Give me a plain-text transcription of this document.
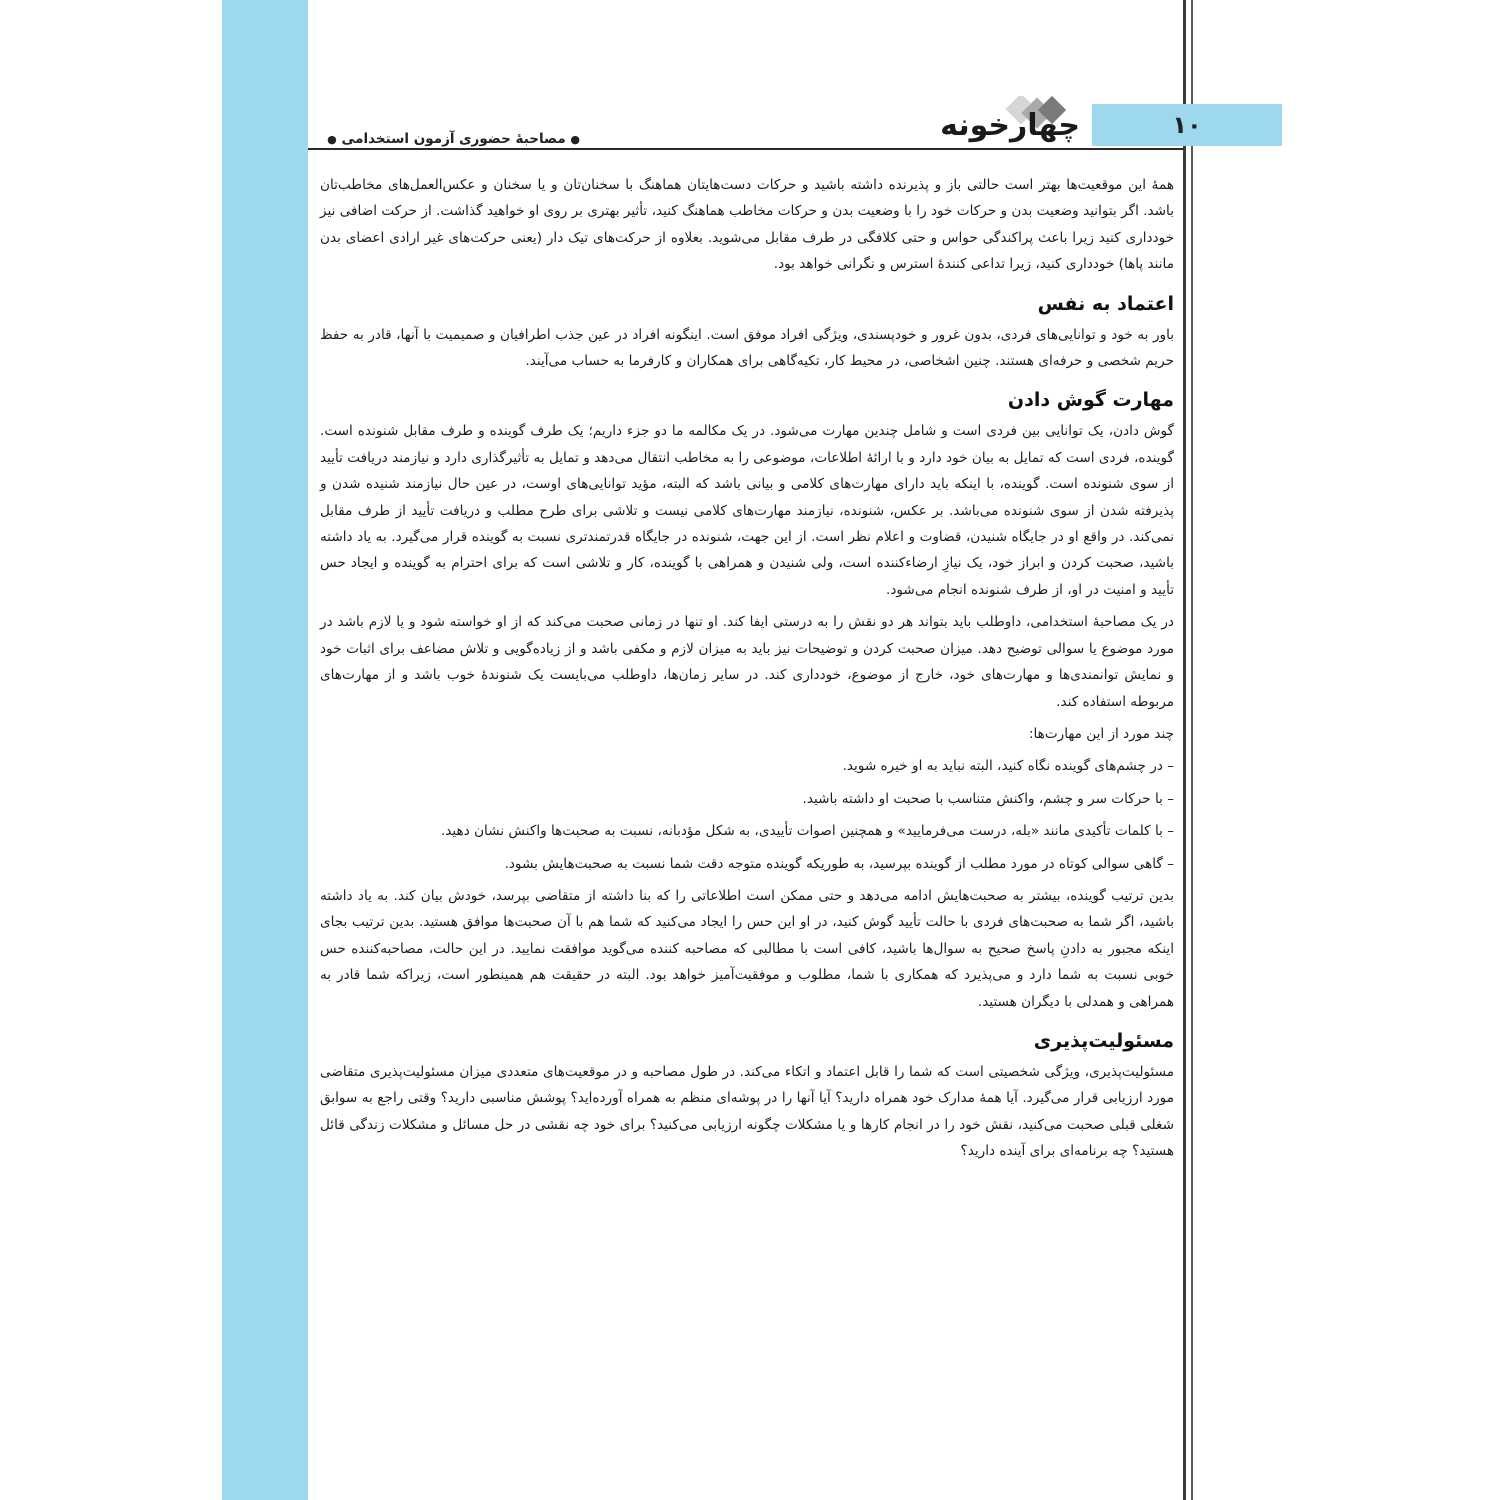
۱۰
چهارخونه
● مصاحبهٔ حضوری آزمون استخدامی ●

همهٔ این موقعیت‌ها بهتر است حالتی باز و پذیرنده داشته باشید و حرکات دست‌هایتان هماهنگ با سخنان‌تان و یا سخنان و عکس‌العمل‌های مخاطب‌تان باشد. اگر بتوانید وضعیت بدن و حرکات خود را با وضعیت بدن و حرکات مخاطب هماهنگ کنید، تأثیر بهتری بر روی او خواهید گذاشت. از حرکت اضافی نیز خودداری کنید زیرا باعث پراکندگی حواس و حتی کلافگی در طرف مقابل می‌شوید. بعلاوه از حرکت‌های تیک دار (یعنی حرکت‌های غیر ارادی اعضای بدن مانند پاها) خودداری کنید، زیرا تداعی کنندهٔ استرس و نگرانی خواهد بود.

اعتماد به نفس

باور به خود و توانایی‌های فردی، بدون غرور و خودپسندی، ویژگی افراد موفق است. اینگونه افراد در عین جذب اطرافیان و صمیمیت با آنها، قادر به حفظ حریم شخصی و حرفه‌ای هستند. چنین اشخاصی، در محیط کار، تکیه‌گاهی برای همکاران و کارفرما به حساب می‌آیند.

مهارت گوش دادن

گوش دادن، یک توانایی بین فردی است و شامل چندین مهارت می‌شود. در یک مکالمه ما دو جزء داریم؛ یک طرف گوینده و طرف مقابل شنونده است. گوینده، فردی است که تمایل به بیان خود دارد و با ارائهٔ اطلاعات، موضوعی را به مخاطب انتقال می‌دهد و تمایل به تأثیرگذاری دارد و نیازمند دریافت تأیید از سوی شنونده است. گوینده، با اینکه باید دارای مهارت‌های کلامی و بیانی باشد که البته، مؤید توانایی‌های اوست، در عین حال نیازمند شنیده شدن و پذیرفته شدن از سوی شنونده می‌باشد. بر عکس، شنونده، نیازمند مهارت‌های کلامی نیست و تلاشی برای طرح مطلب و دریافت تأیید از طرف مقابل نمی‌کند. در واقع او در جایگاه شنیدن، قضاوت و اعلام نظر است. از این جهت، شنونده در جایگاه قدرتمندتری نسبت به گوینده قرار می‌گیرد. به یاد داشته باشید، صحبت کردن و ابراز خود، یک نیازِ ارضاءکننده است، ولی شنیدن و همراهی با گوینده، کار و تلاشی است که برای احترام به گوینده و ایجاد حس تأیید و امنیت در او، از طرف شنونده انجام می‌شود.

در یک مصاحبهٔ استخدامی، داوطلب باید بتواند هر دو نقش را به درستی ایفا کند. او تنها در زمانی صحبت می‌کند که از او خواسته شود و یا لازم باشد در مورد موضوع یا سوالی توضیح دهد. میزان صحبت کردن و توضیحات نیز باید به میزان لازم و مکفی باشد و از زیاده‌گویی و تلاش مضاعف برای اثبات خود و نمایش توانمندی‌ها و مهارت‌های خود، خارج از موضوع، خودداری کند. در سایر زمان‌ها، داوطلب می‌بایست یک شنوندهٔ خوب باشد و از مهارت‌های مربوطه استفاده کند.

چند مورد از این مهارت‌ها:

– در چشم‌های گوینده نگاه کنید، البته نباید به او خیره شوید.

– با حرکات سر و چشم، واکنش متناسب با صحبت او داشته باشید.

– با کلمات تأکیدی مانند «بله، درست می‌فرمایید» و همچنین اصوات تأییدی، به شکل مؤدبانه، نسبت به صحبت‌ها واکنش نشان دهید.

– گاهی سوالی کوتاه در مورد مطلب از گوینده بپرسید، به طوریکه گوینده متوجه دقت شما نسبت به صحبت‌هایش بشود.

بدین ترتیب گوینده، بیشتر به صحبت‌هایش ادامه می‌دهد و حتی ممکن است اطلاعاتی را که بنا داشته از متقاضی بپرسد، خودش بیان کند. به یاد داشته باشید، اگر شما به صحبت‌های فردی با حالت تأیید گوش کنید، در او این حس را ایجاد می‌کنید که شما هم با آن صحبت‌ها موافق هستید. بدین ترتیب بجای اینکه مجبور به دادنِ پاسخ صحیح به سوال‌ها باشید، کافی است با مطالبی که مصاحبه کننده می‌گوید موافقت نمایید. در این حالت، مصاحبه‌کننده حس خوبی نسبت به شما دارد و می‌پذیرد که همکاری با شما، مطلوب و موفقیت‌آمیز خواهد بود. البته در حقیقت هم همینطور است، زیراکه شما قادر به همراهی و همدلی با دیگران هستید.

مسئولیت‌پذیری

مسئولیت‌پذیری، ویژگی شخصیتی است که شما را قابل اعتماد و اتکاء می‌کند. در طول مصاحبه و در موقعیت‌های متعددی میزان مسئولیت‌پذیری متقاضی مورد ارزیابی قرار می‌گیرد. آیا همهٔ مدارک خود همراه دارید؟ آیا آنها را در پوشه‌ای منظم به همراه آورده‌اید؟ پوشش مناسبی دارید؟ وقتی راجع به سوابق شغلی قبلی صحبت می‌کنید، نقش خود را در انجام کارها و یا مشکلات چگونه ارزیابی می‌کنید؟ برای خود چه نقشی در حل مسائل و مشکلات زندگی قائل هستید؟ چه برنامه‌ای برای آینده دارید؟
